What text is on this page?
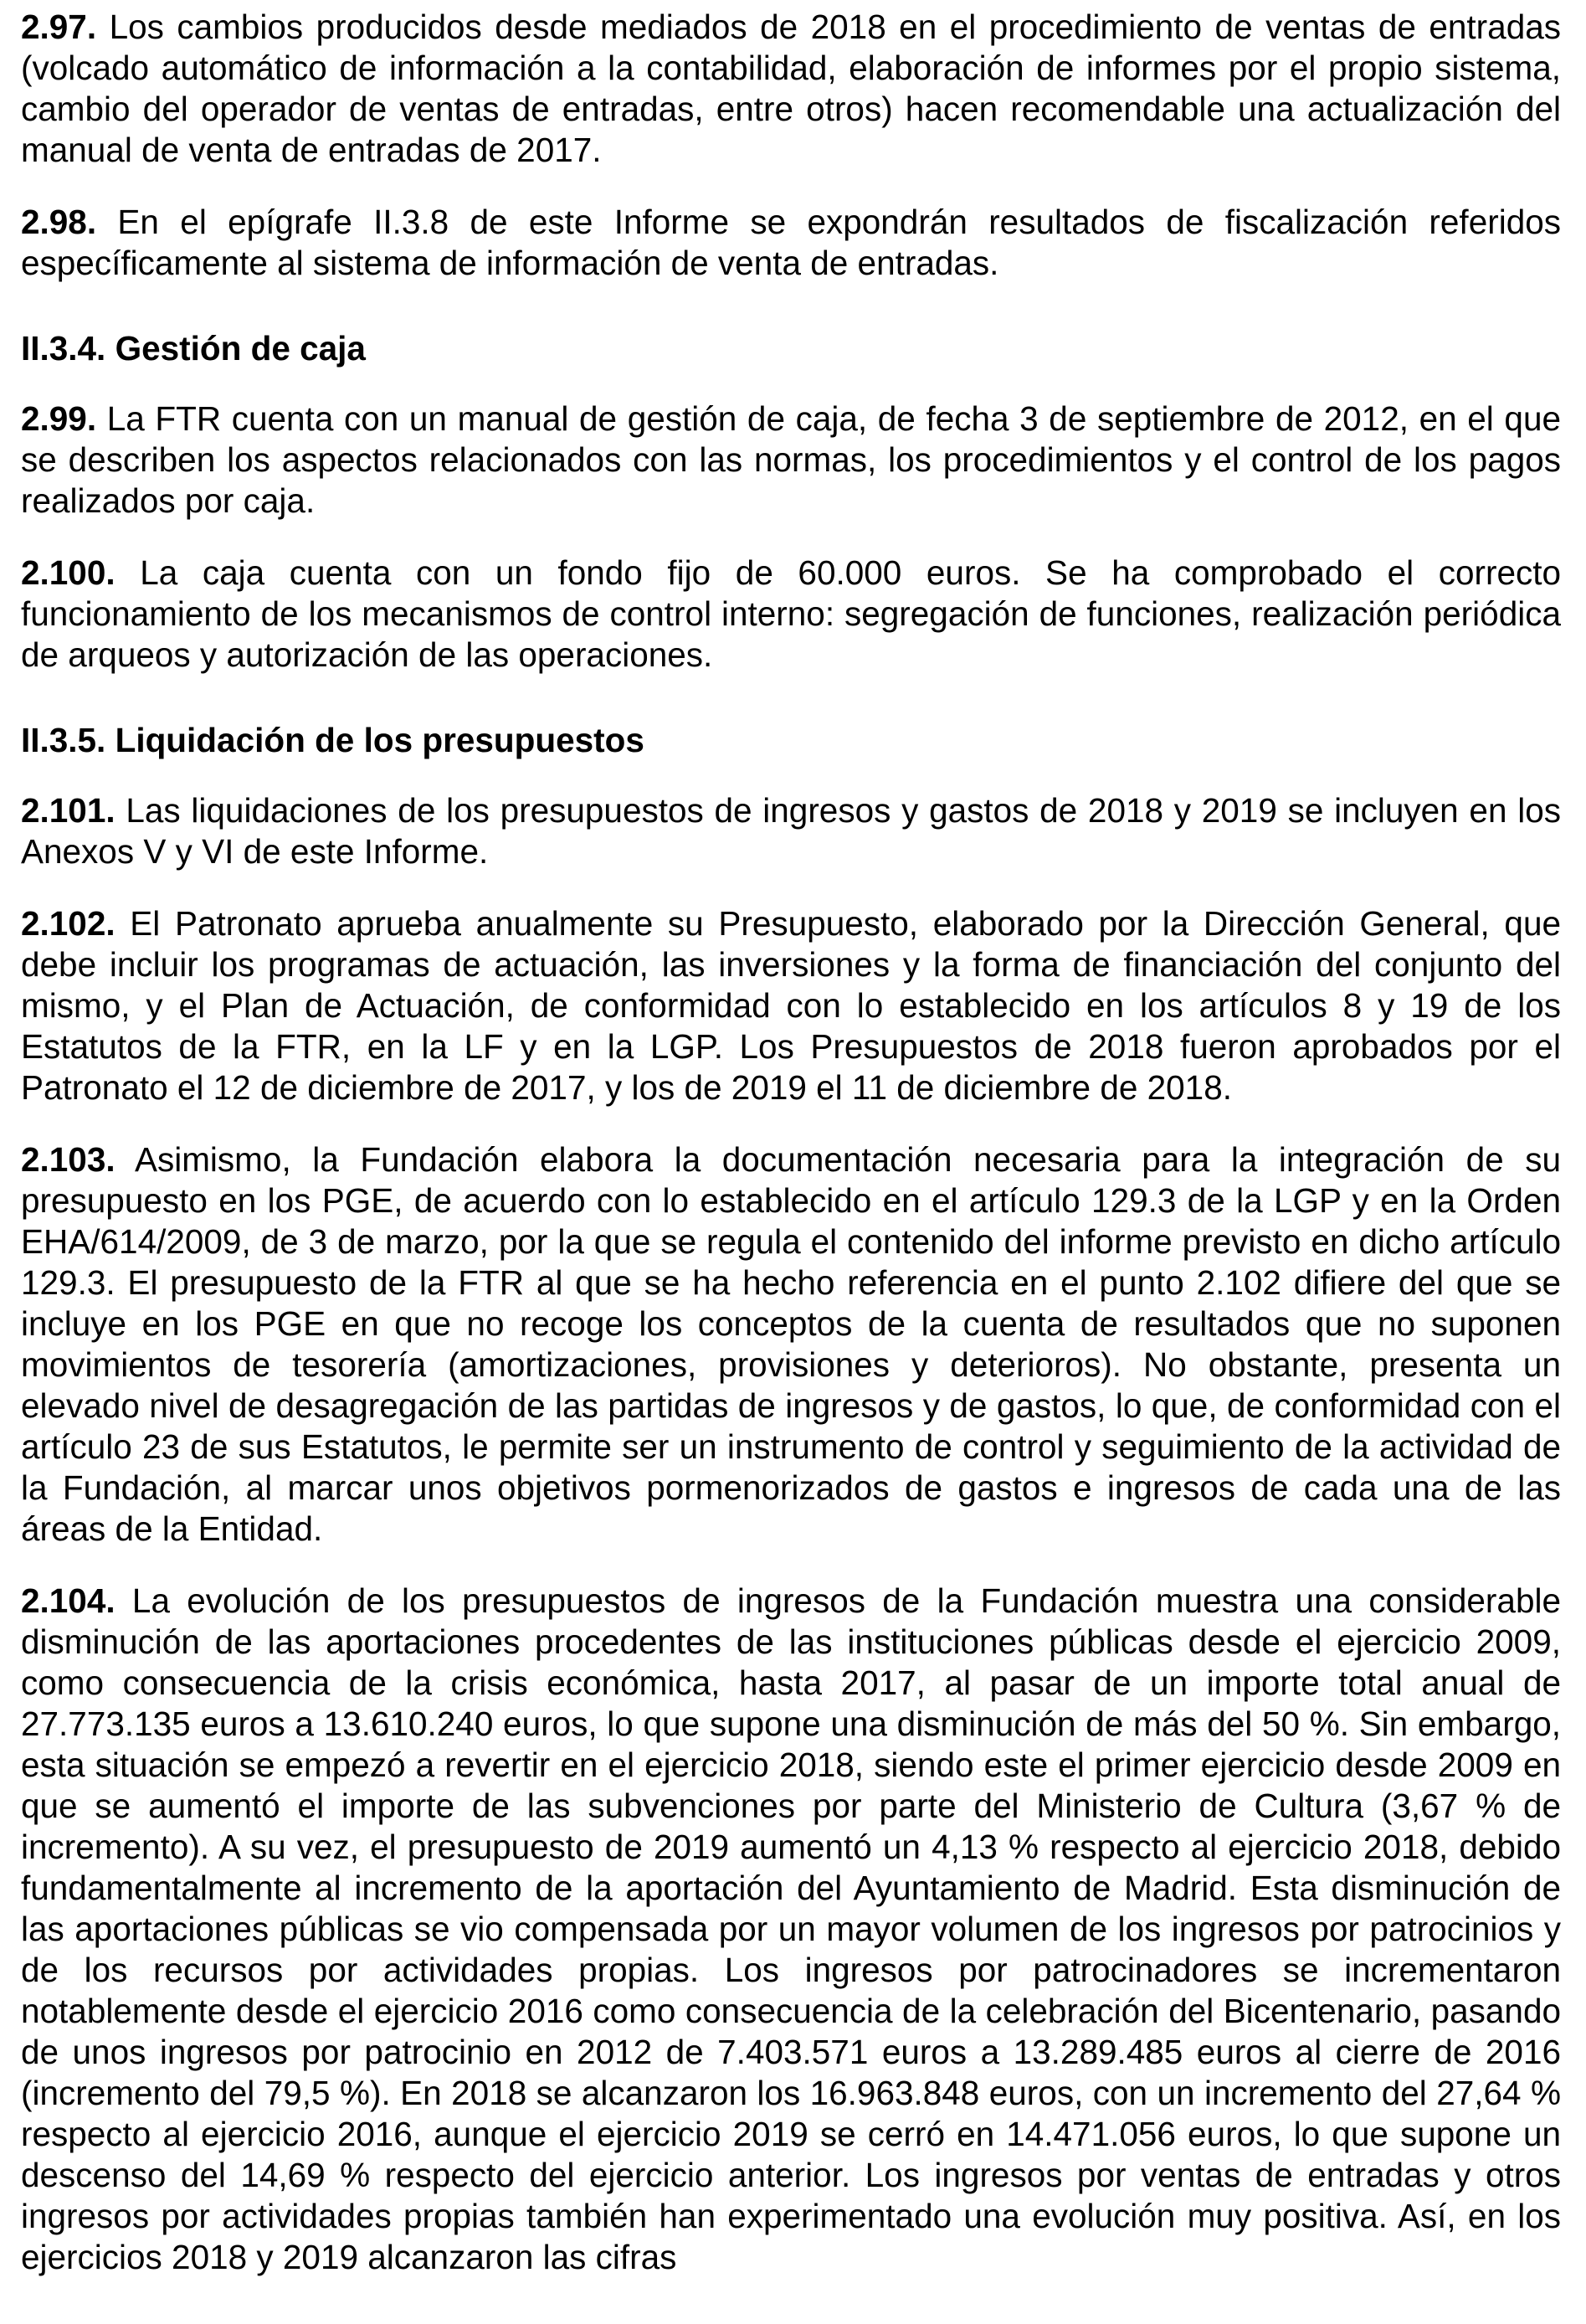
2.97. Los cambios producidos desde mediados de 2018 en el procedimiento de ventas de entradas (volcado automático de información a la contabilidad, elaboración de informes por el propio sistema, cambio del operador de ventas de entradas, entre otros) hacen recomendable una actualización del manual de venta de entradas de 2017.

2.98. En el epígrafe II.3.8 de este Informe se expondrán resultados de fiscalización referidos específicamente al sistema de información de venta de entradas.

II.3.4. Gestión de caja

2.99. La FTR cuenta con un manual de gestión de caja, de fecha 3 de septiembre de 2012, en el que se describen los aspectos relacionados con las normas, los procedimientos y el control de los pagos realizados por caja.

2.100. La caja cuenta con un fondo fijo de 60.000 euros. Se ha comprobado el correcto funcionamiento de los mecanismos de control interno: segregación de funciones, realización periódica de arqueos y autorización de las operaciones.

II.3.5. Liquidación de los presupuestos

2.101. Las liquidaciones de los presupuestos de ingresos y gastos de 2018 y 2019 se incluyen en los Anexos V y VI de este Informe.

2.102. El Patronato aprueba anualmente su Presupuesto, elaborado por la Dirección General, que debe incluir los programas de actuación, las inversiones y la forma de financiación del conjunto del mismo, y el Plan de Actuación, de conformidad con lo establecido en los artículos 8 y 19 de los Estatutos de la FTR, en la LF y en la LGP. Los Presupuestos de 2018 fueron aprobados por el Patronato el 12 de diciembre de 2017, y los de 2019 el 11 de diciembre de 2018.

2.103. Asimismo, la Fundación elabora la documentación necesaria para la integración de su presupuesto en los PGE, de acuerdo con lo establecido en el artículo 129.3 de la LGP y en la Orden EHA/614/2009, de 3 de marzo, por la que se regula el contenido del informe previsto en dicho artículo 129.3. El presupuesto de la FTR al que se ha hecho referencia en el punto 2.102 difiere del que se incluye en los PGE en que no recoge los conceptos de la cuenta de resultados que no suponen movimientos de tesorería (amortizaciones, provisiones y deterioros). No obstante, presenta un elevado nivel de desagregación de las partidas de ingresos y de gastos, lo que, de conformidad con el artículo 23 de sus Estatutos, le permite ser un instrumento de control y seguimiento de la actividad de la Fundación, al marcar unos objetivos pormenorizados de gastos e ingresos de cada una de las áreas de la Entidad.

2.104. La evolución de los presupuestos de ingresos de la Fundación muestra una considerable disminución de las aportaciones procedentes de las instituciones públicas desde el ejercicio 2009, como consecuencia de la crisis económica, hasta 2017, al pasar de un importe total anual de 27.773.135 euros a 13.610.240 euros, lo que supone una disminución de más del 50 %. Sin embargo, esta situación se empezó a revertir en el ejercicio 2018, siendo este el primer ejercicio desde 2009 en que se aumentó el importe de las subvenciones por parte del Ministerio de Cultura (3,67 % de incremento). A su vez, el presupuesto de 2019 aumentó un 4,13 % respecto al ejercicio 2018, debido fundamentalmente al incremento de la aportación del Ayuntamiento de Madrid. Esta disminución de las aportaciones públicas se vio compensada por un mayor volumen de los ingresos por patrocinios y de los recursos por actividades propias. Los ingresos por patrocinadores se incrementaron notablemente desde el ejercicio 2016 como consecuencia de la celebración del Bicentenario, pasando de unos ingresos por patrocinio en 2012 de 7.403.571 euros a 13.289.485 euros al cierre de 2016 (incremento del 79,5 %). En 2018 se alcanzaron los 16.963.848 euros, con un incremento del 27,64 % respecto al ejercicio 2016, aunque el ejercicio 2019 se cerró en 14.471.056 euros, lo que supone un descenso del 14,69 % respecto del ejercicio anterior. Los ingresos por ventas de entradas y otros ingresos por actividades propias también han experimentado una evolución muy positiva. Así, en los ejercicios 2018 y 2019 alcanzaron las cifras
